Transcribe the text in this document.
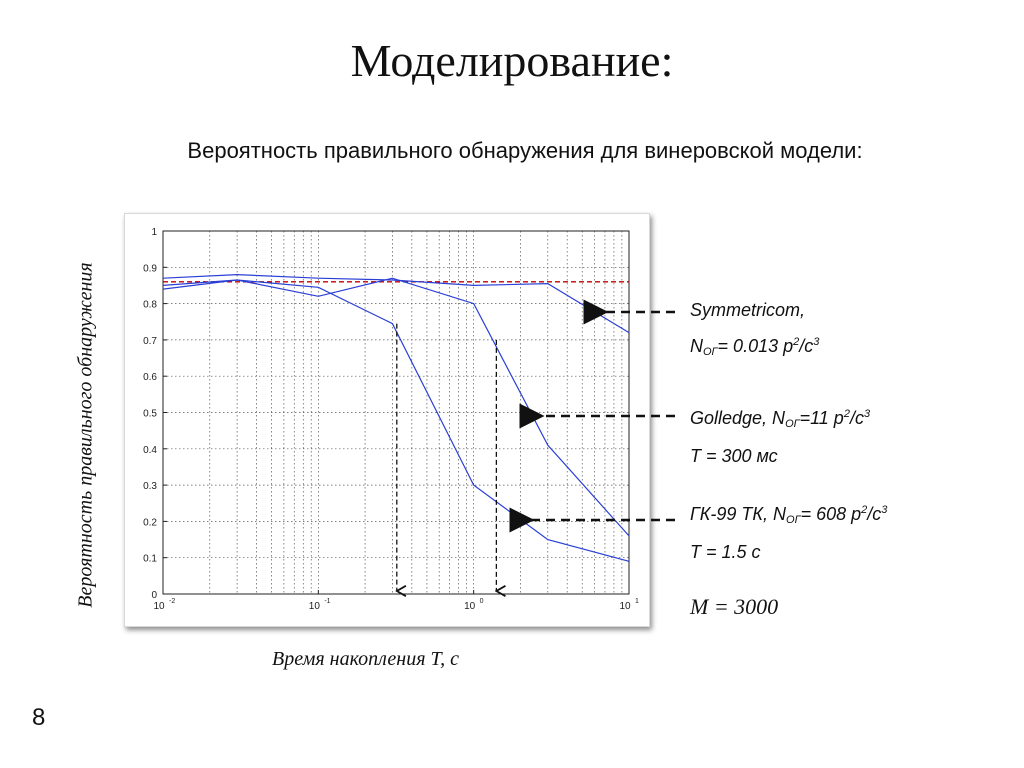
Моделирование:
Вероятность правильного обнаружения для винеровской модели:
Вероятность правильного обнаружения
Время накопления T, c
0
0.1
0.2
0.3
0.4
0.5
0.6
0.7
0.8
0.9
1
10 -2	10 -1	10 0	10 1
Symmetricom,
$N_{ОГ}= 0.013$ $p^2/c^3$
Golledge, $N_{ОГ}=11$ $p^2/c^3$
T = 300 мс
ГК-99 ТК, $N_{ОГ}= 608$ $p^2/c^3$
T = 1.5 c
M = 3000
8
